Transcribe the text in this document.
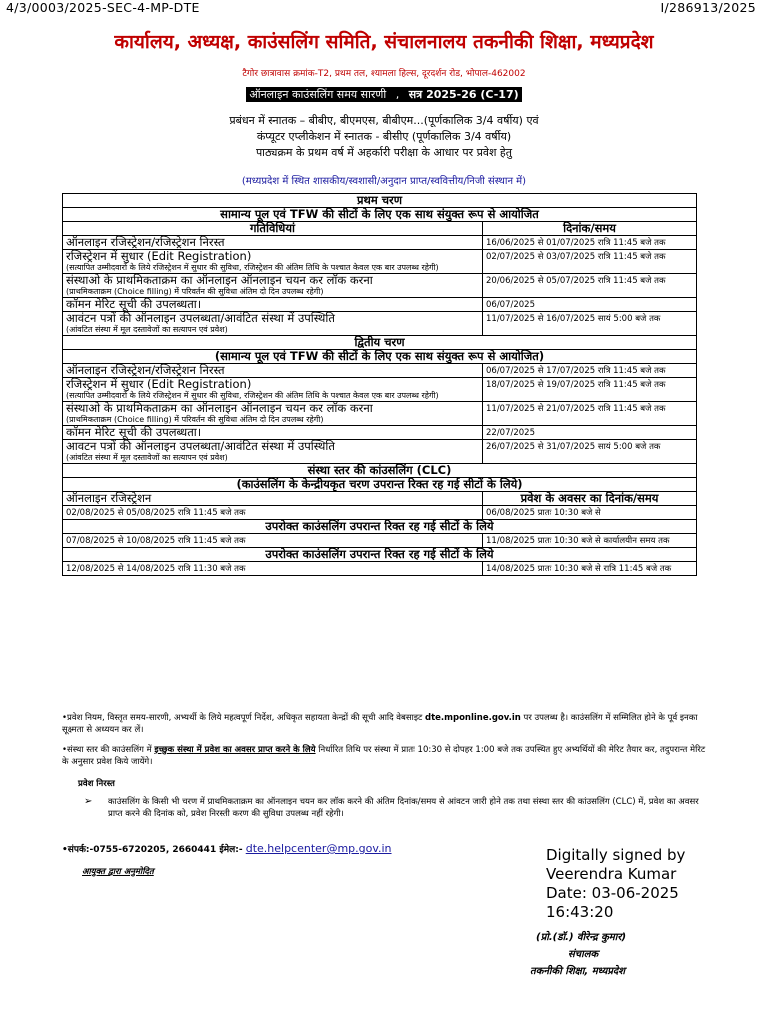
4/3/0003/2025-SEC-4-MP-DTE	I/286913/2025
कार्यालय, अध्यक्ष, काउंसलिंग समिति, संचालनालय तकनीकी शिक्षा, मध्यप्रदेश
टैगोर छात्रावास क्रमांक-T2, प्रथम तल, श्यामला हिल्स, दूरदर्शन रोड, भोपाल-462002
ऑनलाइन काउंसलिंग समय सारणी , सत्र 2025-26 (C-17)
प्रबंधन में स्नातक – बीबीए, बीएमएस, बीबीएम...(पूर्णकालिक 3/4 वर्षीय) एवं
कंप्यूटर एप्लीकेशन में स्नातक - बीसीए (पूर्णकालिक 3/4 वर्षीय)
पाठ्यक्रम के प्रथम वर्ष में अहर्कारी परीक्षा के आधार पर प्रवेश हेतु
(मध्यप्रदेश में स्थित शासकीय/स्वशासी/अनुदान प्राप्त/स्ववित्तीय/निजी संस्थान में)
प्रथम चरण	
सामान्य पूल एवं TFW की सीटों के लिए एक साथ संयुक्त रूप से आयोजित	
गतिविधियां	दिनांक/समय
ऑनलाइन रजिस्ट्रेशन/रजिस्ट्रेशन निरस्त	16/06/2025 से 01/07/2025 रात्रि 11:45 बजे तक
रजिस्ट्रेशन में सुधार (Edit Registration)
(सत्यापित उम्मीदवारों के लिये रजिस्ट्रेशन में सुधार की सुविधा, रजिस्ट्रेशन की अंतिम तिथि के पश्चात केवल एक बार उपलब्ध रहेगी)	02/07/2025 से 03/07/2025 रात्रि 11:45 बजे तक
संस्थाओ के प्राथमिकताक्रम का ऑनलाइन ऑनलाइन चयन कर लॉक करना
(प्राथमिकताक्रम (Choice filling) में परिवर्तन की सुविधा अंतिम दो दिन उपलब्ध रहेगी)	20/06/2025 से 05/07/2025 रात्रि 11:45 बजे तक
कॉमन मेरिट सूची की उपलब्धता।	06/07/2025
आवंटन पत्रों की ऑनलाइन उपलब्धता/आवंटित संस्था में उपस्थिति
(आंवटित संस्था में मूल दस्तावेजों का सत्यापन एवं प्रवेश)	11/07/2025 से 16/07/2025 सायं 5:00 बजे तक
द्वितीय चरण	
(सामान्य पूल एवं TFW की सीटों के लिए एक साथ संयुक्त रूप से आयोजित)	
ऑनलाइन रजिस्ट्रेशन/रजिस्ट्रेशन निरस्त	06/07/2025 से 17/07/2025 रात्रि 11:45 बजे तक
रजिस्ट्रेशन में सुधार (Edit Registration)
(सत्यापित उम्मीदवारों के लिये रजिस्ट्रेशन में सुधार की सुविधा, रजिस्ट्रेशन की अंतिम तिथि के पश्चात केवल एक बार उपलब्ध रहेगी)	18/07/2025 से 19/07/2025 रात्रि 11:45 बजे तक
संस्थाओ के प्राथमिकताक्रम का ऑनलाइन ऑनलाइन चयन कर लॉक करना
(प्राथमिकताक्रम (Choice filling) में परिवर्तन की सुविधा अंतिम दो दिन उपलब्ध रहेगी)	11/07/2025 से 21/07/2025 रात्रि 11:45 बजे तक
कॉमन मेरिट सूची की उपलब्धता।	22/07/2025
आवटन पत्रों की ऑनलाइन उपलब्धता/आवंटित संस्था में उपस्थिति
(आंवटित संस्था में मूल दस्तावेजों का सत्यापन एवं प्रवेश)	26/07/2025 से 31/07/2025 सायं 5:00 बजे तक
संस्था स्तर की कांउसलिंग (CLC)	
(काउंसलिंग के केन्द्रीयकृत चरण उपरान्त रिक्त रह गई सीटों के लिये)	
ऑनलाइन रजिस्ट्रेशन	प्रवेश के अवसर का दिनांक/समय
02/08/2025 से 05/08/2025 रात्रि 11:45 बजे तक	06/08/2025 प्रातः 10:30 बजे से
उपरोक्त काउंसलिंग उपरान्त रिक्त रह गई सीटों के लिये	
07/08/2025 से 10/08/2025 रात्रि 11:45 बजे तक	11/08/2025 प्रातः 10:30 बजे से कार्यालयीन समय तक
उपरोक्त काउंसलिंग उपरान्त रिक्त रह गई सीटों के लिये	
12/08/2025 से 14/08/2025 रात्रि 11:30 बजे तक	14/08/2025 प्रातः 10:30 बजे से रात्रि 11:45 बजे तक

•प्रवेश नियम, विस्तृत समय-सारणी, अभ्यर्थी के लिये महत्वपूर्ण निर्देश, अधिकृत सहायता केन्द्रों की सूची आदि वेबसाइट dte.mponline.gov.in पर उपलब्ध है। काउंसलिंग में सम्मिलित होने के पूर्व इनका सूक्ष्मता से अध्ययन कर लें।

•संस्था स्तर की काउंसलिंग में इच्छुक संस्था में प्रवेश का अवसर प्राप्त करने के लिये निर्धारित तिथि पर संस्था में प्रातः 10:30 से दोपहर 1:00 बजे तक उपस्थित हुए अभ्यर्थियों की मेरिट तैयार कर, तदुपरान्त मेरिट के अनुसार प्रवेश किये जायेंगे।

प्रवेश निरस्त
➢	काउंसलिंग के किसी भी चरण में प्राथमिकताक्रम का ऑनलाइन चयन कर लॉक करने की अंतिम दिनांक/समय से आंवटन जारी होने तक तथा संस्था स्तर की कांउसलिंग (CLC) में, प्रवेश का अवसर प्राप्त करने की दिनांक को, प्रवेश निरस्ती करण की सुविधा उपलब्ध नहीं रहेगी।
•संपर्क:-0755-6720205, 2660441 ईमेल:- dte.helpcenter@mp.gov.in
आयुक्त द्वारा अनुमोदित
Digitally signed by
Veerendra Kumar
Date: 03-06-2025
16:43:20
(प्रो.(डॉ.) वीरेन्द्र कुमार)
संचालक
तकनीकी शिक्षा, मध्यप्रदेश
